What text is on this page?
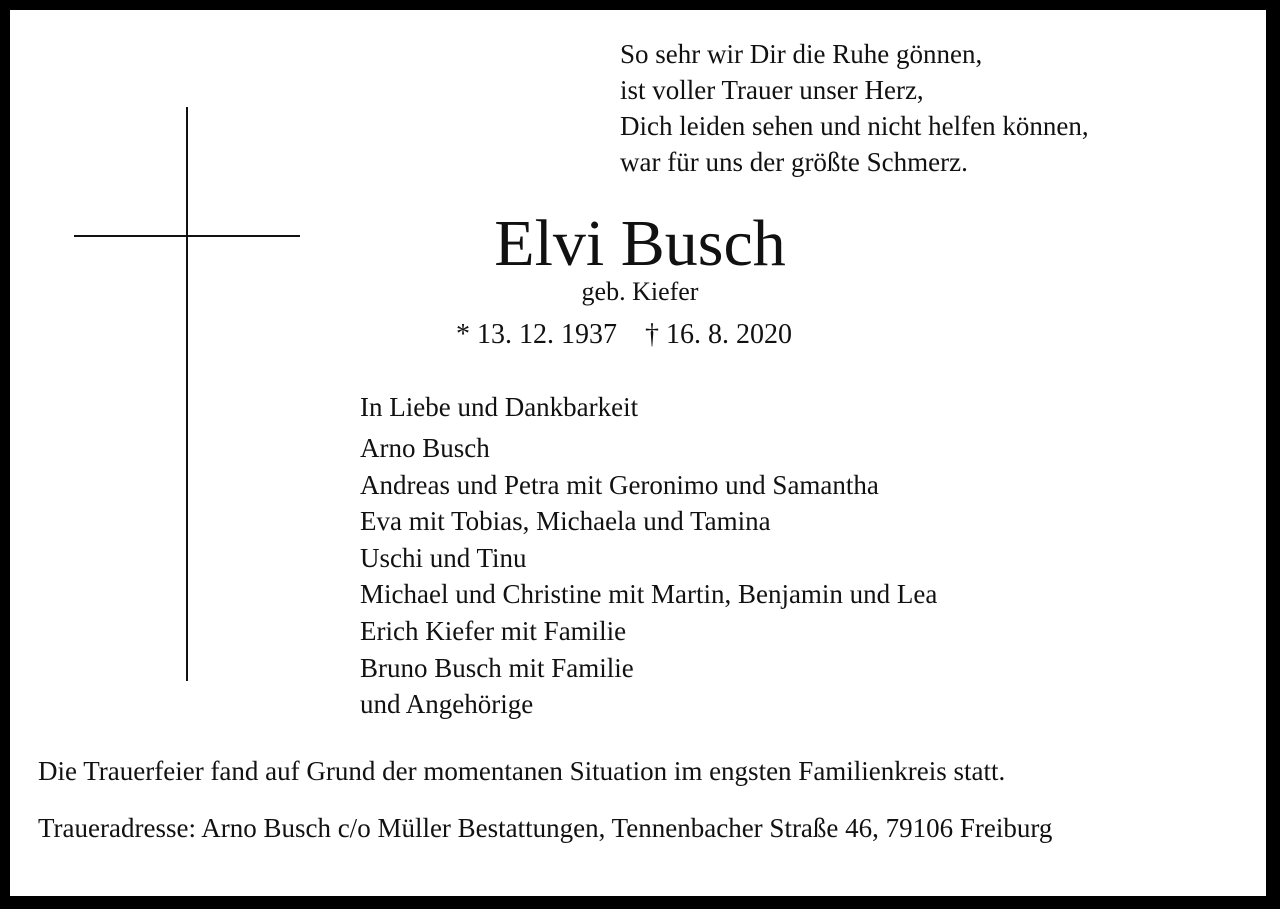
So sehr wir Dir die Ruhe gönnen,
ist voller Trauer unser Herz,
Dich leiden sehen und nicht helfen können,
war für uns der größte Schmerz.
Elvi Busch
geb. Kiefer
* 13. 12. 1937 † 16. 8. 2020
In Liebe und Dankbarkeit
Arno Busch
Andreas und Petra mit Geronimo und Samantha
Eva mit Tobias, Michaela und Tamina
Uschi und Tinu
Michael und Christine mit Martin, Benjamin und Lea
Erich Kiefer mit Familie
Bruno Busch mit Familie
und Angehörige
Die Trauerfeier fand auf Grund der momentanen Situation im engsten Familienkreis statt.
Traueradresse: Arno Busch c/o Müller Bestattungen, Tennenbacher Straße 46, 79106 Freiburg
